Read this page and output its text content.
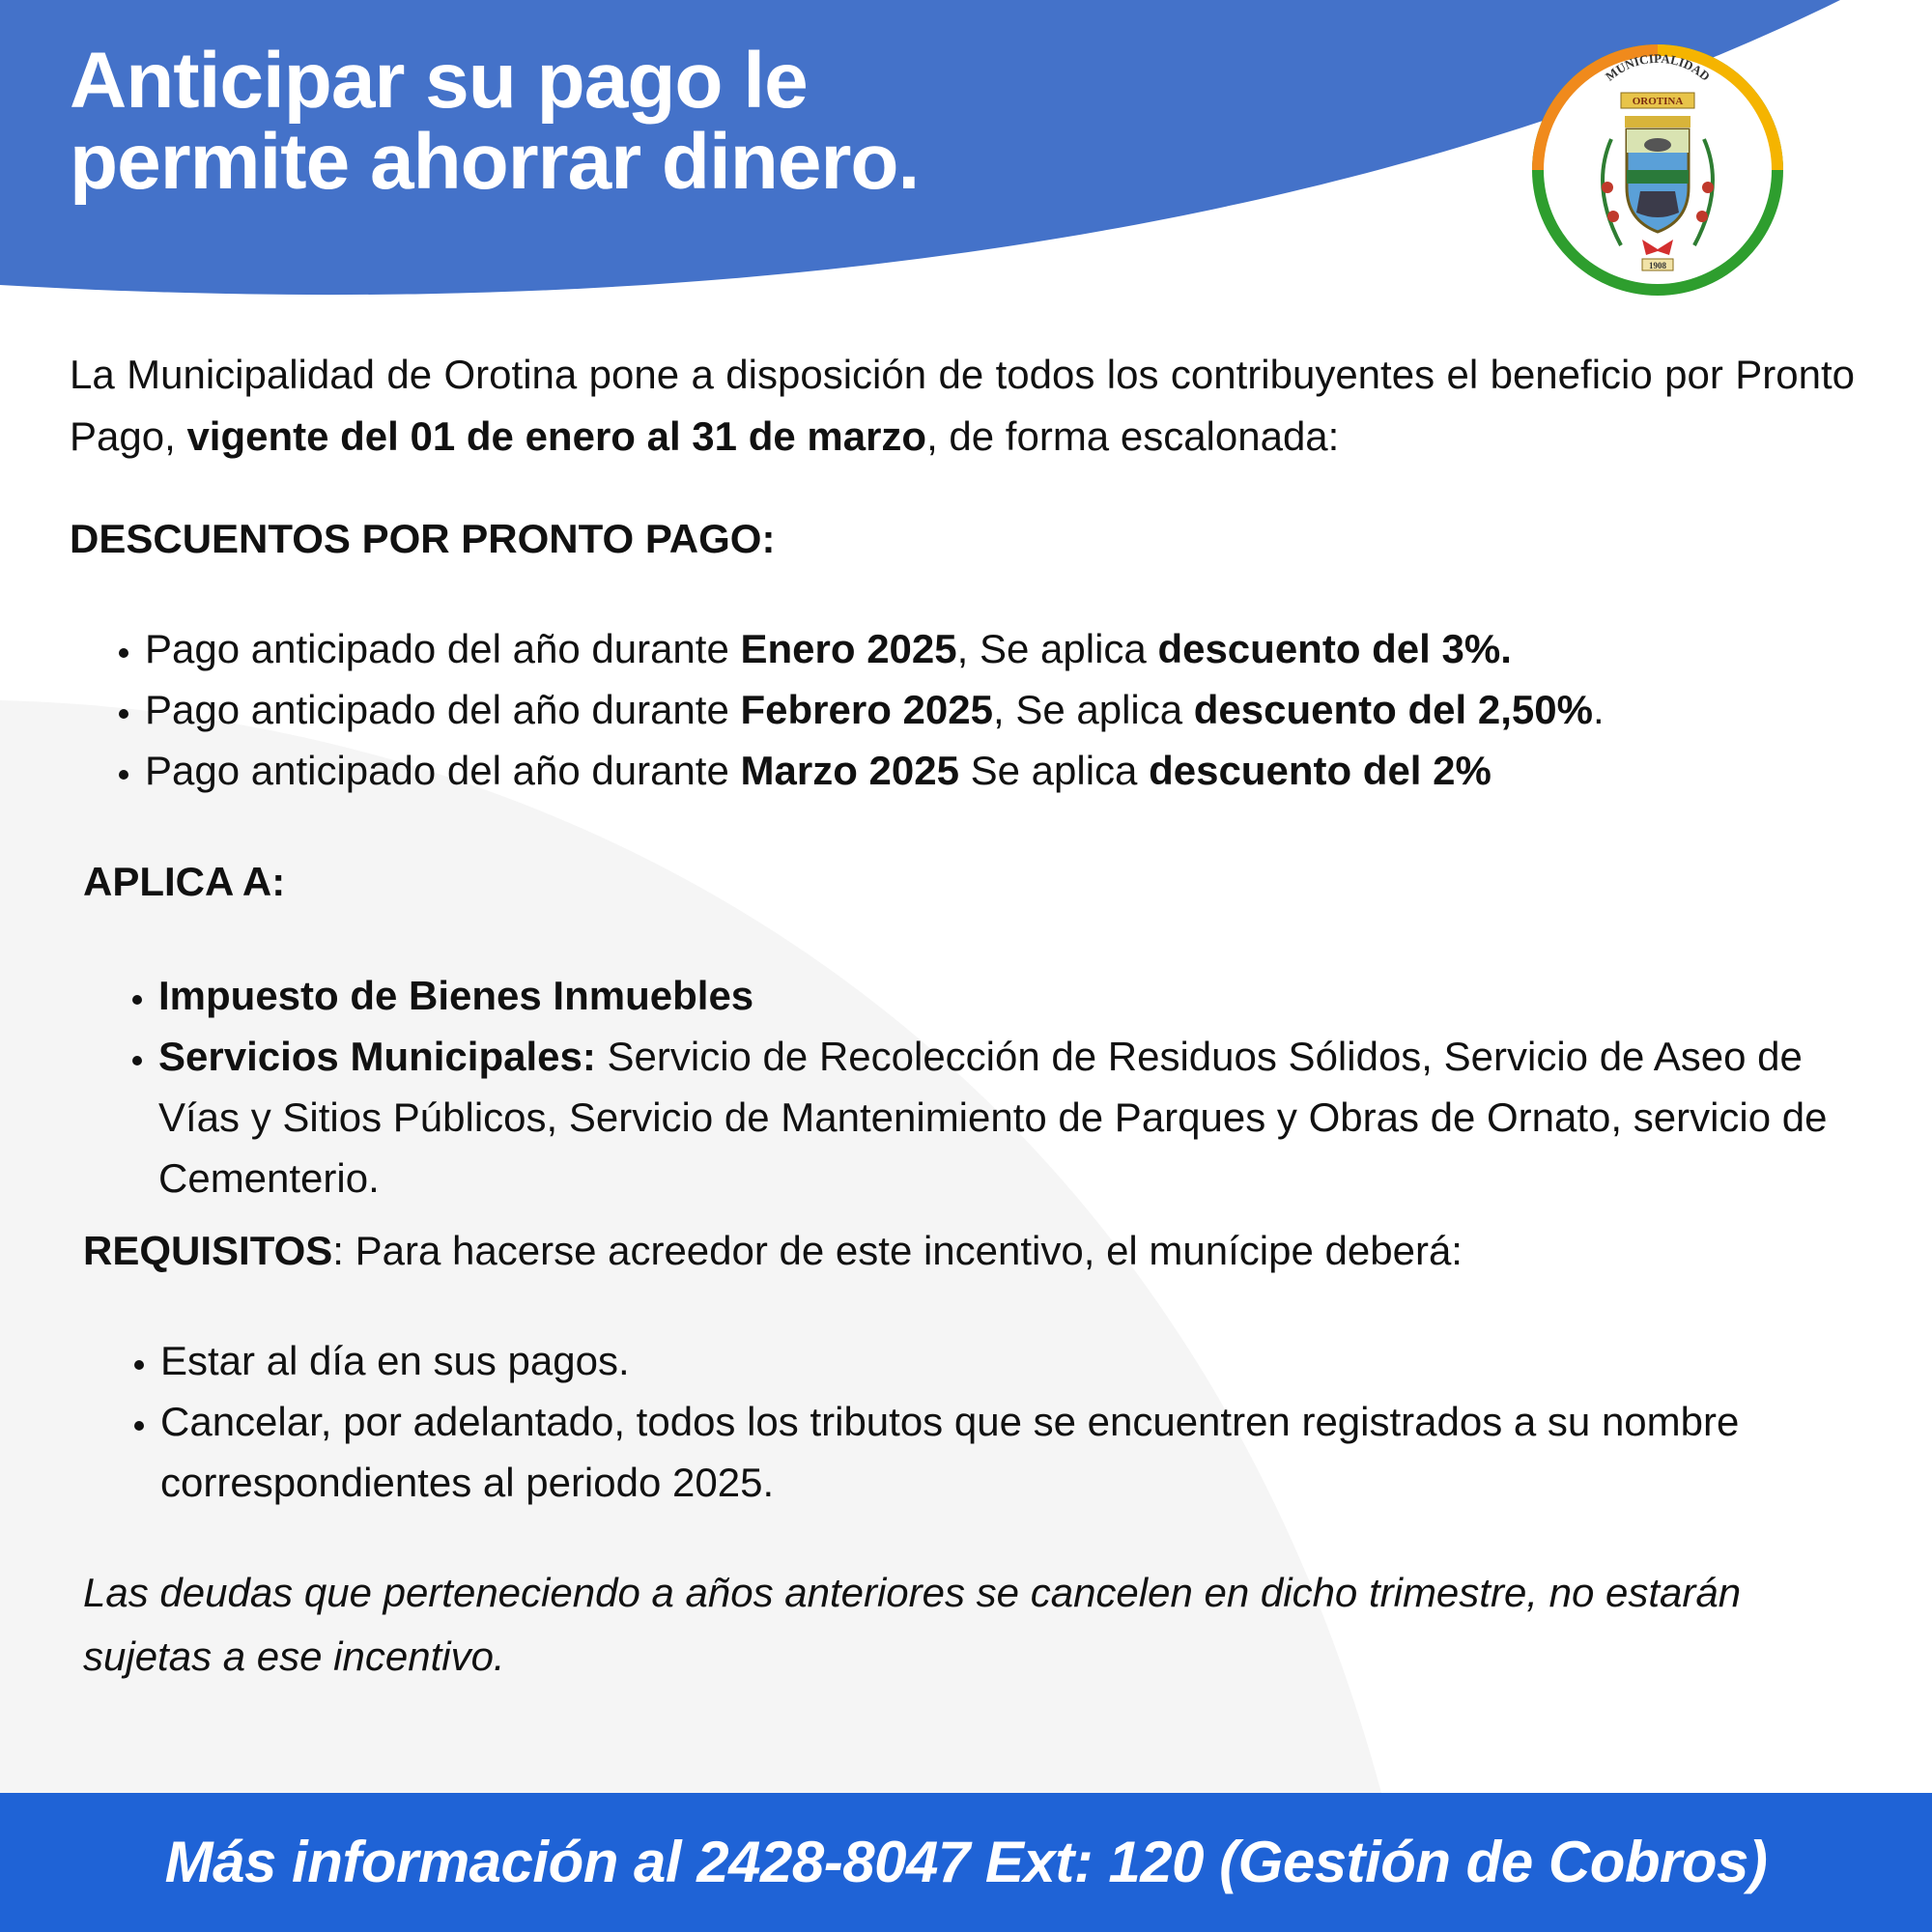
Anticipar su pago le
permite ahorrar dinero.
MUNICIPALIDAD
OROTINA
1908

La Municipalidad de Orotina pone a disposición de todos los contribuyentes el beneficio por Pronto Pago, vigente del 01 de enero al 31 de marzo, de forma escalonada:

DESCUENTOS POR PRONTO PAGO:
• Pago anticipado del año durante Enero 2025, Se aplica descuento del 3%.
• Pago anticipado del año durante Febrero 2025, Se aplica descuento del 2,50%.
• Pago anticipado del año durante Marzo 2025 Se aplica descuento del 2%
APLICA A:
• Impuesto de Bienes Inmuebles
• Servicios Municipales: Servicio de Recolección de Residuos Sólidos, Servicio de Aseo de Vías y Sitios Públicos, Servicio de Mantenimiento de Parques y Obras de Ornato, servicio de Cementerio.
REQUISITOS: Para hacerse acreedor de este incentivo, el munícipe deberá:
• Estar al día en sus pagos.
• Cancelar, por adelantado, todos los tributos que se encuentren registrados a su nombre correspondientes al periodo 2025.
Las deudas que perteneciendo a años anteriores se cancelen en dicho trimestre, no estarán sujetas a ese incentivo.
Más información al 2428-8047 Ext: 120 (Gestión de Cobros)
